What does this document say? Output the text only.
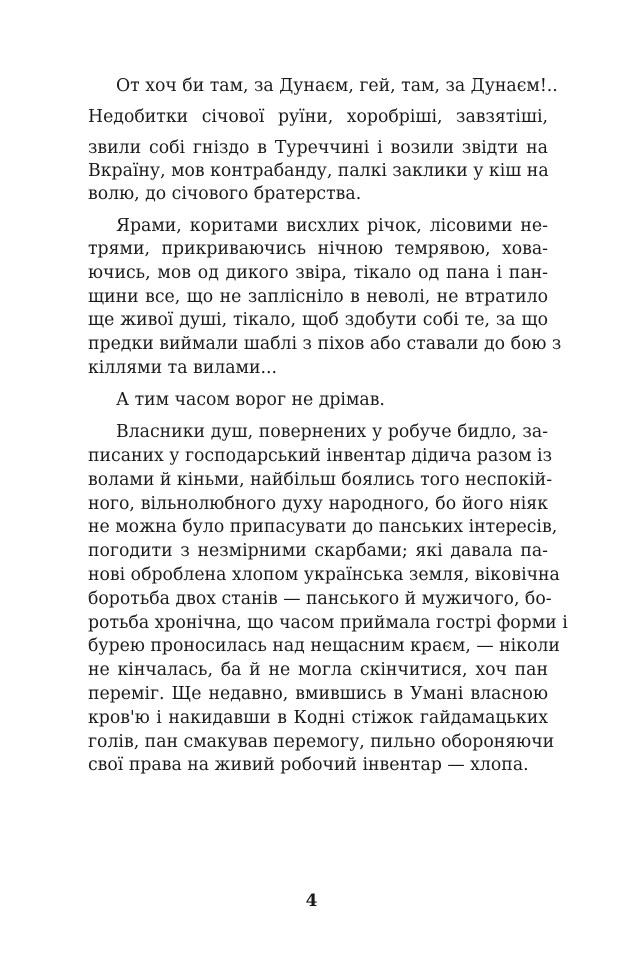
От хоч би там, за Дунаєм, гей, там, за Дунаєм!..
Недобитки січової руїни, хоробріші, завзятіші,
звили собі гніздо в Туреччині і возили звідти на
Вкраїну, мов контрабанду, палкі заклики у кіш на
волю, до січового братерства.
Ярами, коритами висхлих річок, лісовими не-
трями, прикриваючись нічною темрявою, хова-
ючись, мов од дикого звіра, тікало од пана і пан-
щини все, що не заплісніло в неволі, не втратило
ще живої душі, тікало, щоб здобути собі те, за що
предки виймали шаблі з піхов або ставали до бою з
кіллями та вилами...
А тим часом ворог не дрімав.
Власники душ, повернених у робуче бидло, за-
писаних у господарський інвентар дідича разом із
волами й кіньми, найбільш боялись того неспокій-
ного, вільнолюбного духу народного, бо його ніяк
не можна було припасувати до панських інтересів,
погодити з незмірними скарбами; які давала па-
нові оброблена хлопом українська земля, віковічна
боротьба двох станів — панського й мужичого, бо-
ротьба хронічна, що часом приймала гострі форми і
бурею проносилась над нещасним краєм, — ніколи
не кінчалась, ба й не могла скінчитися, хоч пан
переміг. Ще недавно, вмившись в Умані власною
кров'ю і накидавши в Кодні стіжок гайдамацьких
голів, пан смакував перемогу, пильно обороняючи
свої права на живий робочий інвентар — хлопа.
4
